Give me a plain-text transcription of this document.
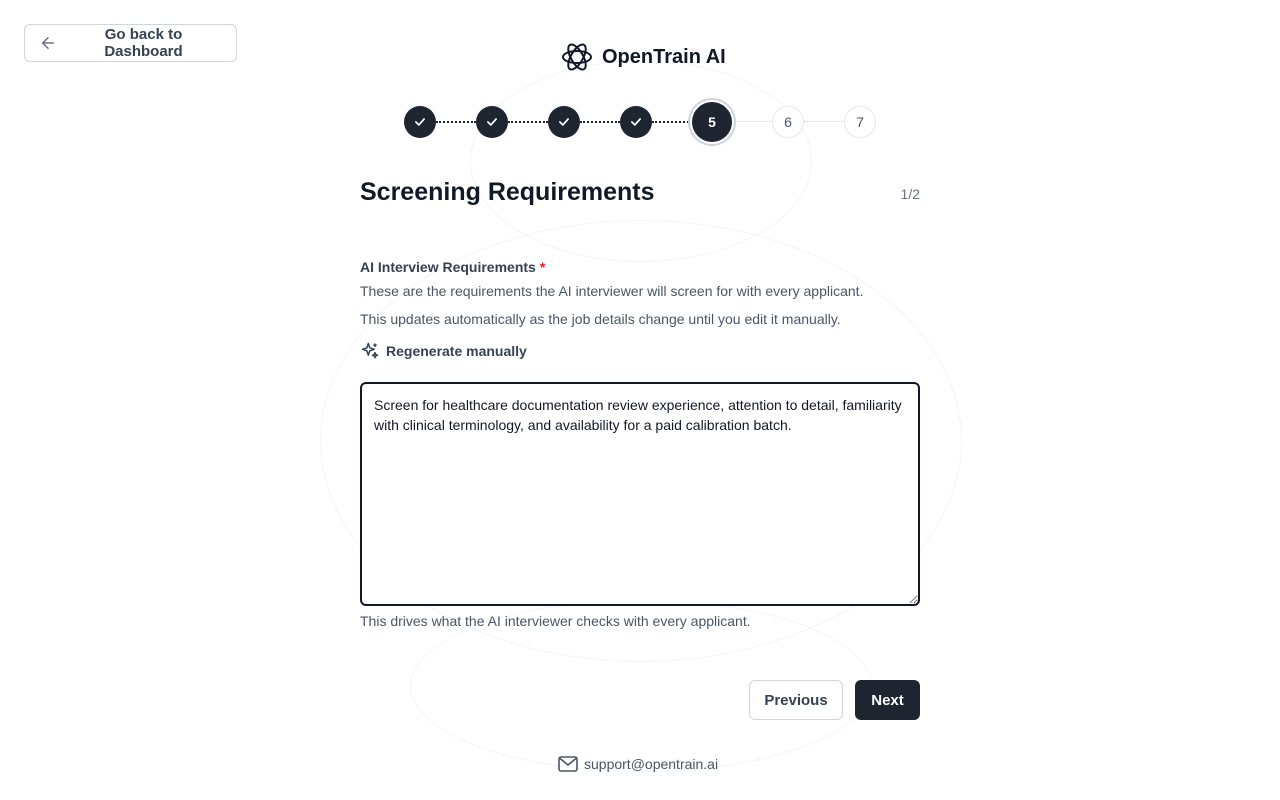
Go back to Dashboard	OpenTrain AI
5	6	7
Screening Requirements	1/2
AI Interview Requirements *
These are the requirements the AI interviewer will screen for with every applicant.
This updates automatically as the job details change until you edit it manually.
Regenerate manually
Screen for healthcare documentation review experience, attention to detail, familiarity with clinical terminology, and availability for a paid calibration batch.
This drives what the AI interviewer checks with every applicant.
Previous	Next
support@opentrain.ai
